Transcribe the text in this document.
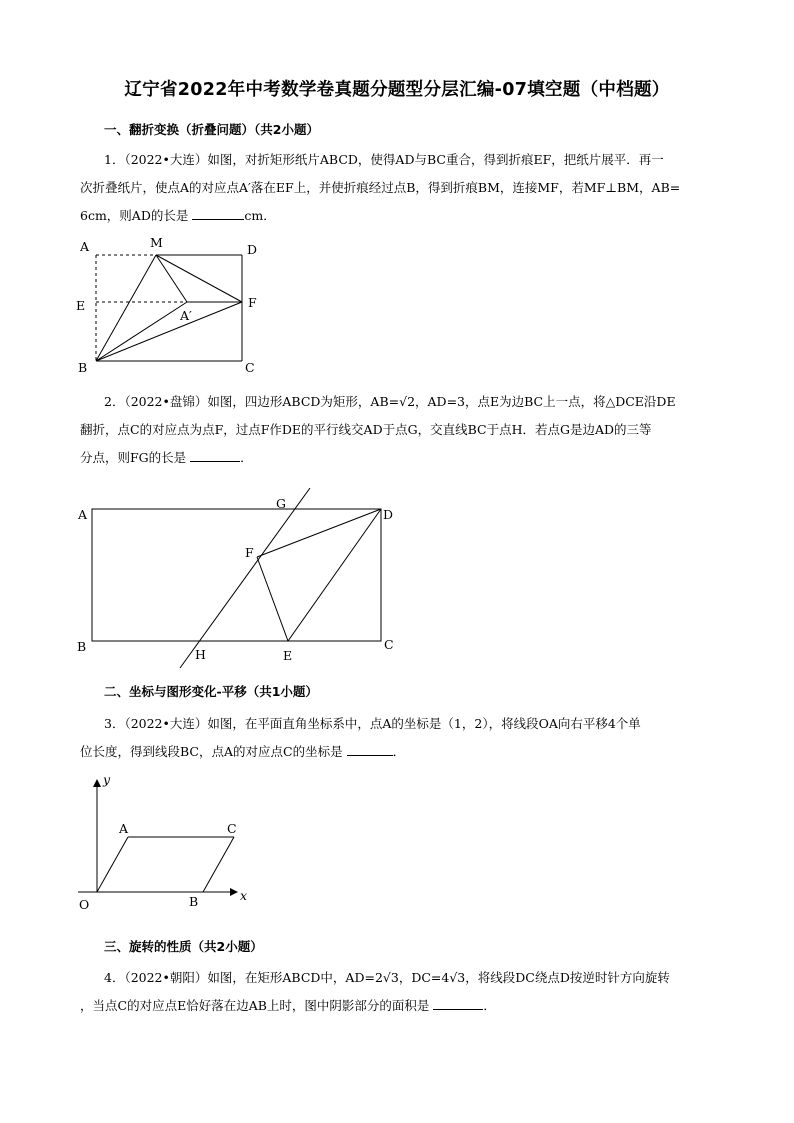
辽宁省2022年中考数学卷真题分题型分层汇编-07填空题（中档题）
一、翻折变换（折叠问题）（共2小题）
1．（2022•大连）如图，对折矩形纸片ABCD，使得AD与BC重合，得到折痕EF，把纸片展平．再一
次折叠纸片，使点A的对应点A′落在EF上，并使折痕经过点B，得到折痕BM，连接MF，若MF⊥BM，AB=
6cm，则AD的长是	cm．
A	M	D
E	F
A′
B	C
2．（2022•盘锦）如图，四边形ABCD为矩形，AB=√2，AD=3，点E为边BC上一点，将△DCE沿DE
翻折，点C的对应点为点F，过点F作DE的平行线交AD于点G，交直线BC于点H．若点G是边AD的三等
分点，则FG的长是	．
A
G
D
F
B
H	E
C
二、坐标与图形变化-平移（共1小题）
3．（2022•大连）如图，在平面直角坐标系中，点A的坐标是（1，2），将线段OA向右平移4个单
位长度，得到线段BC，点A的对应点C的坐标是	．
y
A	C
O	B	x
三、旋转的性质（共2小题）
4．（2022•朝阳）如图，在矩形ABCD中，AD=2√3，DC=4√3，将线段DC绕点D按逆时针方向旋转
，当点C的对应点E恰好落在边AB上时，图中阴影部分的面积是	．
